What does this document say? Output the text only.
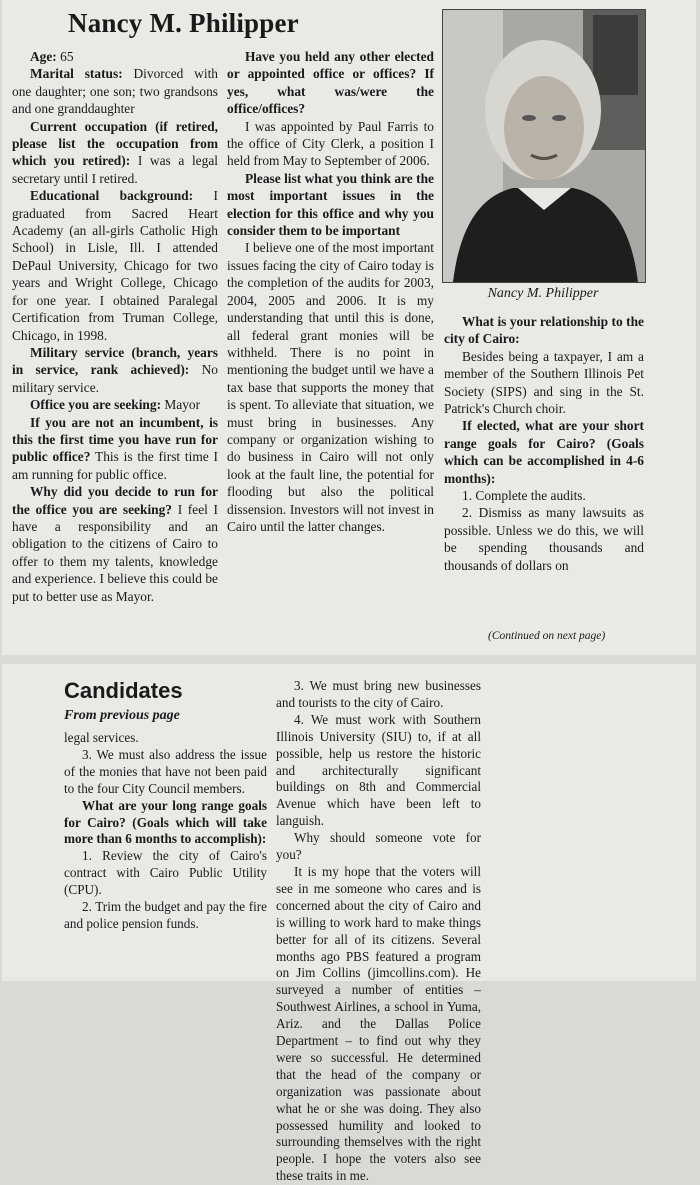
Nancy M. Philipper

Age: 65

Marital status: Divorced with one daughter; one son; two grandsons and one granddaughter

Current occupation (if retired, please list the occupation from which you retired): I was a legal secretary until I retired.

Educational background: I graduated from Sacred Heart Academy (an all-girls Catholic High School) in Lisle, Ill. I attended DePaul University, Chicago for two years and Wright College, Chicago for one year. I obtained Paralegal Certification from Truman College, Chicago, in 1998.

Military service (branch, years in service, rank achieved): No military service.

Office you are seeking: Mayor

If you are not an incumbent, is this the first time you have run for public office? This is the first time I am running for public office.

Why did you decide to run for the office you are seeking? I feel I have a responsibility and an obligation to the citizens of Cairo to offer to them my talents, knowledge and experience. I believe this could be put to better use as Mayor.

Have you held any other elected or appointed office or offices? If yes, what was/were the office/offices?

I was appointed by Paul Farris to the office of City Clerk, a position I held from May to September of 2006.

Please list what you think are the most important issues in the election for this office and why you consider them to be important

I believe one of the most important issues facing the city of Cairo today is the completion of the audits for 2003, 2004, 2005 and 2006. It is my understanding that until this is done, all federal grant monies will be withheld. There is no point in mentioning the budget until we have a tax base that supports the money that is spent. To alleviate that situation, we must bring in businesses. Any company or organization wishing to do business in Cairo will not only look at the fault line, the potential for flooding but also the political dissension. Investors will not invest in Cairo until the latter changes.

Nancy M. Philipper

What is your relationship to the city of Cairo:

Besides being a taxpayer, I am a member of the Southern Illinois Pet Society (SIPS) and sing in the St. Patrick's Church choir.

If elected, what are your short range goals for Cairo? (Goals which can be accomplished in 4-6 months):

1. Complete the audits.

2. Dismiss as many lawsuits as possible. Unless we do this, we will be spending thousands and thousands of dollars on

(Continued on next page)
Candidates
From previous page

legal services.

3. We must also address the issue of the monies that have not been paid to the four City Council members.

What are your long range goals for Cairo? (Goals which will take more than 6 months to accomplish):

1. Review the city of Cairo's contract with Cairo Public Utility (CPU).

2. Trim the budget and pay the fire and police pension funds.

3. We must bring new businesses and tourists to the city of Cairo.

4. We must work with Southern Illinois University (SIU) to, if at all possible, help us restore the historic and architecturally significant buildings on 8th and Commercial Avenue which have been left to languish.

Why should someone vote for you?

It is my hope that the voters will see in me someone who cares and is concerned about the city of Cairo and is willing to work hard to make things better for all of its citizens. Several months ago PBS featured a program on Jim Collins (jimcollins.com). He surveyed a number of entities – Southwest Airlines, a school in Yuma, Ariz. and the Dallas Police Department – to find out why they were so successful. He determined that the head of the company or organization was passionate about what he or she was doing. They also possessed humility and looked to surrounding themselves with the right people. I hope the voters also see these traits in me.
